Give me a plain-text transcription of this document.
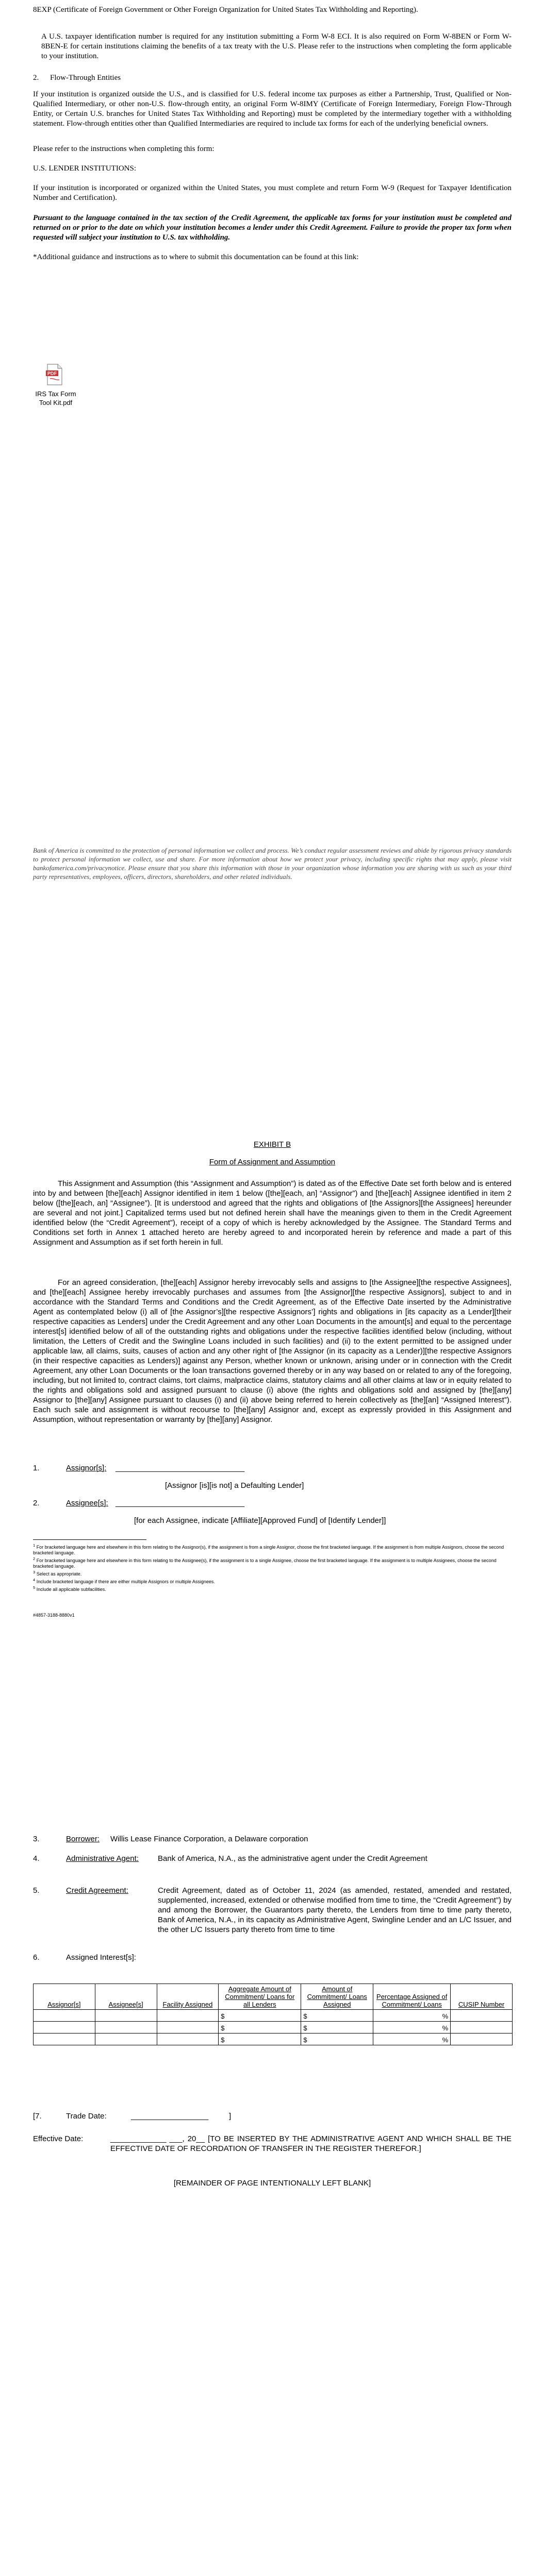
8EXP (Certificate of Foreign Government or Other Foreign Organization for United States Tax Withholding and Reporting).

A U.S. taxpayer identification number is required for any institution submitting a Form W-8 ECI. It is also required on Form W-8BEN or Form W-8BEN-E for certain institutions claiming the benefits of a tax treaty with the U.S. Please refer to the instructions when completing the form applicable to your institution.

2. Flow-Through Entities

If your institution is organized outside the U.S., and is classified for U.S. federal income tax purposes as either a Partnership, Trust, Qualified or Non-Qualified Intermediary, or other non-U.S. flow-through entity, an original Form W-8IMY (Certificate of Foreign Intermediary, Foreign Flow-Through Entity, or Certain U.S. branches for United States Tax Withholding and Reporting) must be completed by the intermediary together with a withholding statement. Flow-through entities other than Qualified Intermediaries are required to include tax forms for each of the underlying beneficial owners.

Please refer to the instructions when completing this form:

U.S. LENDER INSTITUTIONS:

If your institution is incorporated or organized within the United States, you must complete and return Form W-9 (Request for Taxpayer Identification Number and Certification).

Pursuant to the language contained in the tax section of the Credit Agreement, the applicable tax forms for your institution must be completed and returned on or prior to the date on which your institution becomes a lender under this Credit Agreement. Failure to provide the proper tax form when requested will subject your institution to U.S. tax withholding.

*Additional guidance and instructions as to where to submit this documentation can be found at this link:

PDF
IRS Tax Form Tool Kit.pdf

Bank of America is committed to the protection of personal information we collect and process. We’s conduct regular assessment reviews and abide by rigorous privacy standards to protect personal information we collect, use and share. For more information about how we protect your privacy, including specific rights that may apply, please visit bankofamerica.com/privacynotice. Please ensure that you share this information with those in your organization whose information you are sharing with us such as your third party representatives, employees, officers, directors, shareholders, and other related individuals.

EXHIBIT B
Form of Assignment and Assumption

This Assignment and Assumption (this “Assignment and Assumption”) is dated as of the Effective Date set forth below and is entered into by and between [the][each] Assignor identified in item 1 below ([the][each, an] “Assignor”) and [the][each] Assignee identified in item 2 below ([the][each, an] “Assignee”). [It is understood and agreed that the rights and obligations of [the Assignors][the Assignees] hereunder are several and not joint.] Capitalized terms used but not defined herein shall have the meanings given to them in the Credit Agreement identified below (the “Credit Agreement”), receipt of a copy of which is hereby acknowledged by the Assignee. The Standard Terms and Conditions set forth in Annex 1 attached hereto are hereby agreed to and incorporated herein by reference and made a part of this Assignment and Assumption as if set forth herein in full.

For an agreed consideration, [the][each] Assignor hereby irrevocably sells and assigns to [the Assignee][the respective Assignees], and [the][each] Assignee hereby irrevocably purchases and assumes from [the Assignor][the respective Assignors], subject to and in accordance with the Standard Terms and Conditions and the Credit Agreement, as of the Effective Date inserted by the Administrative Agent as contemplated below (i) all of [the Assignor’s][the respective Assignors’] rights and obligations in [its capacity as a Lender][their respective capacities as Lenders] under the Credit Agreement and any other Loan Documents in the amount[s] and equal to the percentage interest[s] identified below of all of the outstanding rights and obligations under the respective facilities identified below (including, without limitation, the Letters of Credit and the Swingline Loans included in such facilities) and (ii) to the extent permitted to be assigned under applicable law, all claims, suits, causes of action and any other right of [the Assignor (in its capacity as a Lender)][the respective Assignors (in their respective capacities as Lenders)] against any Person, whether known or unknown, arising under or in connection with the Credit Agreement, any other Loan Documents or the loan transactions governed thereby or in any way based on or related to any of the foregoing, including, but not limited to, contract claims, tort claims, malpractice claims, statutory claims and all other claims at law or in equity related to the rights and obligations sold and assigned pursuant to clause (i) above (the rights and obligations sold and assigned by [the][any] Assignor to [the][any] Assignee pursuant to clauses (i) and (ii) above being referred to herein collectively as [the][an] “Assigned Interest”). Each such sale and assignment is without recourse to [the][any] Assignor and, except as expressly provided in this Assignment and Assumption, without representation or warranty by [the][any] Assignor.

1.	Assignor[s]: ______________________________
[Assignor [is][is not] a Defaulting Lender]
2.	Assignee[s]: ______________________________
[for each Assignee, indicate [Affiliate][Approved Fund] of [Identify Lender]]

$^1$ For bracketed language here and elsewhere in this form relating to the Assignor(s), if the assignment is from a single Assignor, choose the first bracketed language. If the assignment is from multiple Assignors, choose the second bracketed language.

$^2$ For bracketed language here and elsewhere in this form relating to the Assignee(s), if the assignment is to a single Assignee, choose the first bracketed language. If the assignment is to multiple Assignees, choose the second bracketed language.

$^3$ Select as appropriate.

$^4$ Include bracketed language if there are either multiple Assignors or multiple Assignees.

$^5$ Include all applicable subfacilities.

#4857-3188-8880v1
3.	Borrower: Willis Lease Finance Corporation, a Delaware corporation
4.	Administrative Agent: Bank of America, N.A., as the administrative agent under the Credit Agreement
5.	Credit Agreement:	Credit Agreement, dated as of October 11, 2024 (as amended, restated, amended and restated, supplemented, increased, extended or otherwise modified from time to time, the “Credit Agreement”) by and among the Borrower, the Guarantors party thereto, the Lenders from time to time party thereto, Bank of America, N.A., in its capacity as Administrative Agent, Swingline Lender and an L/C Issuer, and the other L/C Issuers party thereto from time to time
6.	Assigned Interest[s]:
Assignor[s]	Assignee[s]	Facility Assigned	Aggregate Amount of Commitment/ Loans for all Lenders	Amount of Commitment/ Loans Assigned	Percentage Assigned of Commitment/ Loans	CUSIP Number
			$	$	%	
			$	$	%	
			$	$	%	
[7.	Trade Date:	__________________	]
Effective Date:	_____________ ___, 20__ [TO BE INSERTED BY THE ADMINISTRATIVE AGENT AND WHICH SHALL BE THE EFFECTIVE DATE OF RECORDATION OF TRANSFER IN THE REGISTER THEREFOR.]
[REMAINDER OF PAGE INTENTIONALLY LEFT BLANK]
